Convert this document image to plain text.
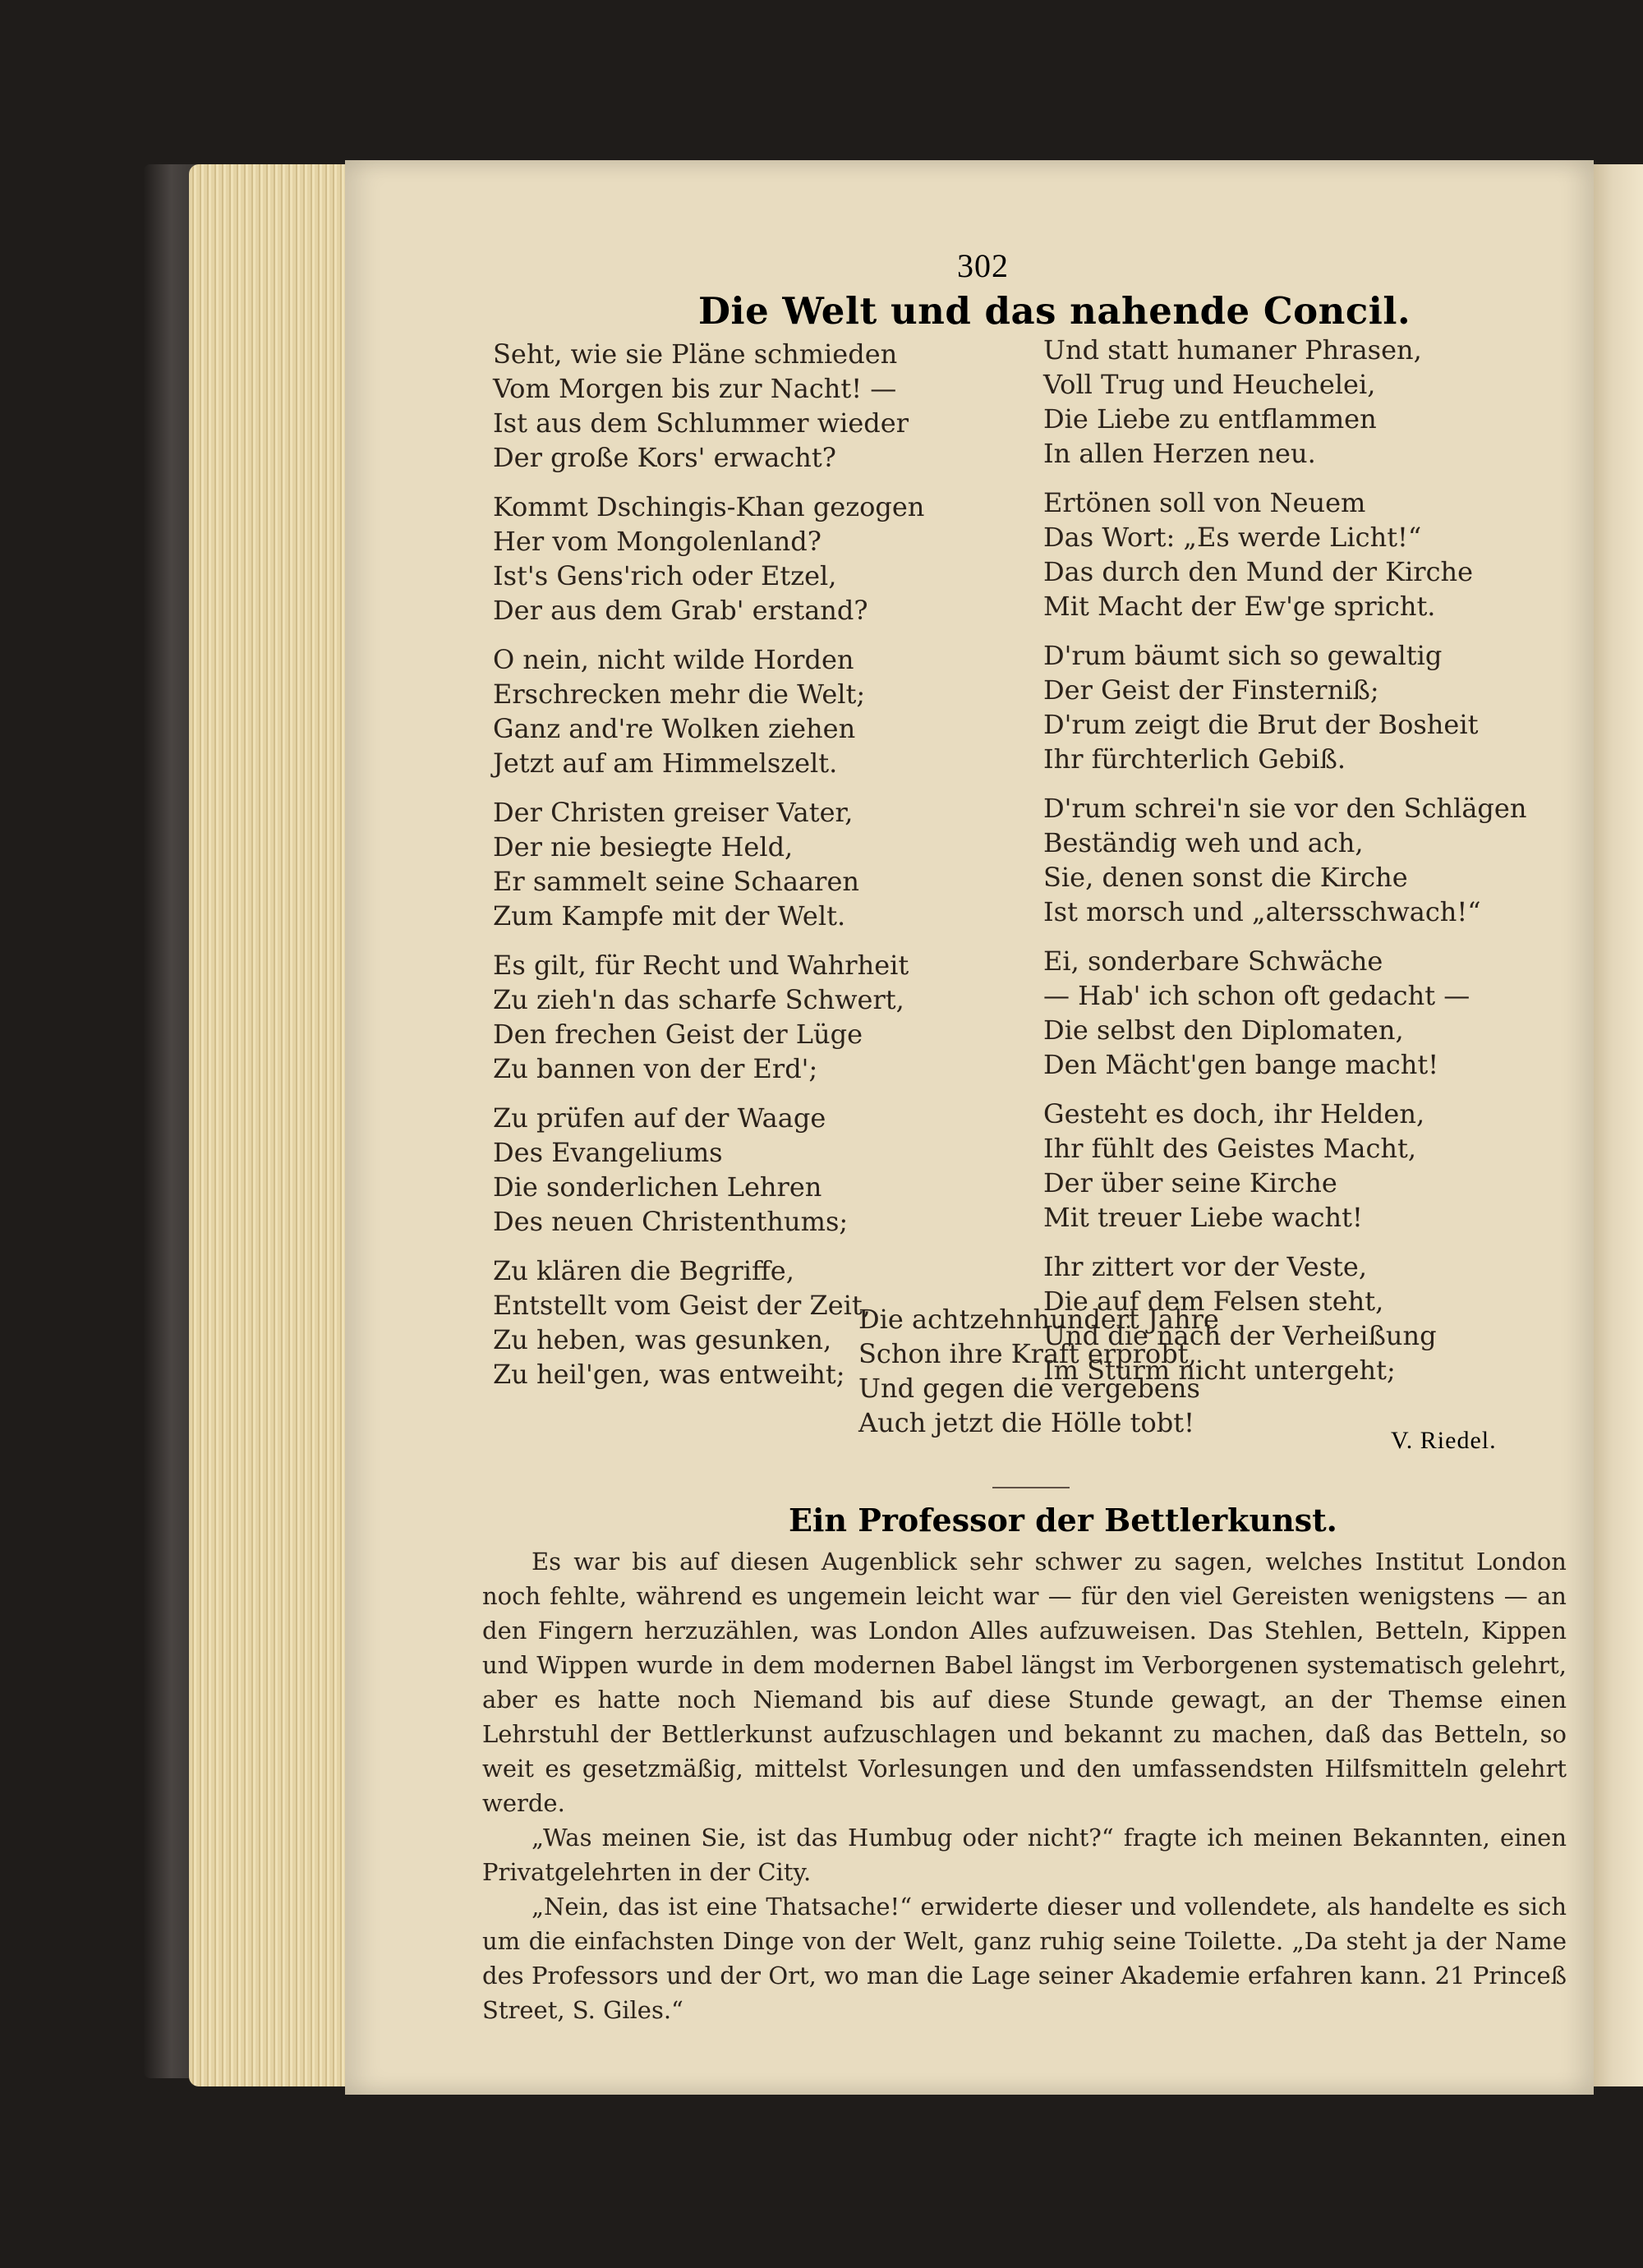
302
Die Welt und das nahende Concil.
Seht, wie sie Pläne schmieden
Vom Morgen bis zur Nacht! —
Ist aus dem Schlummer wieder
Der große Kors' erwacht?
Kommt Dschingis-Khan gezogen
Her vom Mongolenland?
Ist's Gens'rich oder Etzel,
Der aus dem Grab' erstand?
O nein, nicht wilde Horden
Erschrecken mehr die Welt;
Ganz and're Wolken ziehen
Jetzt auf am Himmelszelt.
Der Christen greiser Vater,
Der nie besiegte Held,
Er sammelt seine Schaaren
Zum Kampfe mit der Welt.
Es gilt, für Recht und Wahrheit
Zu zieh'n das scharfe Schwert,
Den frechen Geist der Lüge
Zu bannen von der Erd';
Zu prüfen auf der Waage
Des Evangeliums
Die sonderlichen Lehren
Des neuen Christenthums;
Zu klären die Begriffe,
Entstellt vom Geist der Zeit,
Zu heben, was gesunken,
Zu heil'gen, was entweiht;
Und statt humaner Phrasen,
Voll Trug und Heuchelei,
Die Liebe zu entflammen
In allen Herzen neu.
Ertönen soll von Neuem
Das Wort: „Es werde Licht!“
Das durch den Mund der Kirche
Mit Macht der Ew'ge spricht.
D'rum bäumt sich so gewaltig
Der Geist der Finsterniß;
D'rum zeigt die Brut der Bosheit
Ihr fürchterlich Gebiß.
D'rum schrei'n sie vor den Schlägen
Beständig weh und ach,
Sie, denen sonst die Kirche
Ist morsch und „altersschwach!“
Ei, sonderbare Schwäche
— Hab' ich schon oft gedacht —
Die selbst den Diplomaten,
Den Mächt'gen bange macht!
Gesteht es doch, ihr Helden,
Ihr fühlt des Geistes Macht,
Der über seine Kirche
Mit treuer Liebe wacht!
Ihr zittert vor der Veste,
Die auf dem Felsen steht,
Und die nach der Verheißung
Im Sturm nicht untergeht;
Die achtzehnhundert Jahre
Schon ihre Kraft erprobt,
Und gegen die vergebens
Auch jetzt die Hölle tobt!
V. Riedel.
Ein Professor der Bettlerkunst.

Es war bis auf diesen Augenblick sehr schwer zu sagen, welches Institut London noch fehlte, während es ungemein leicht war — für den viel Gereisten wenigstens — an den Fingern herzuzählen, was London Alles aufzuweisen. Das Stehlen, Betteln, Kippen und Wippen wurde in dem modernen Babel längst im Verborgenen systematisch gelehrt, aber es hatte noch Niemand bis auf diese Stunde gewagt, an der Themse einen Lehrstuhl der Bettlerkunst aufzuschlagen und bekannt zu machen, daß das Betteln, so weit es gesetzmäßig, mittelst Vorlesungen und den umfassendsten Hilfsmitteln gelehrt werde.

„Was meinen Sie, ist das Humbug oder nicht?“ fragte ich meinen Bekannten, einen Privatgelehrten in der City.

„Nein, das ist eine Thatsache!“ erwiderte dieser und vollendete, als handelte es sich um die einfachsten Dinge von der Welt, ganz ruhig seine Toilette. „Da steht ja der Name des Professors und der Ort, wo man die Lage seiner Akademie erfahren kann. 21 Princeß Street, S. Giles.“
